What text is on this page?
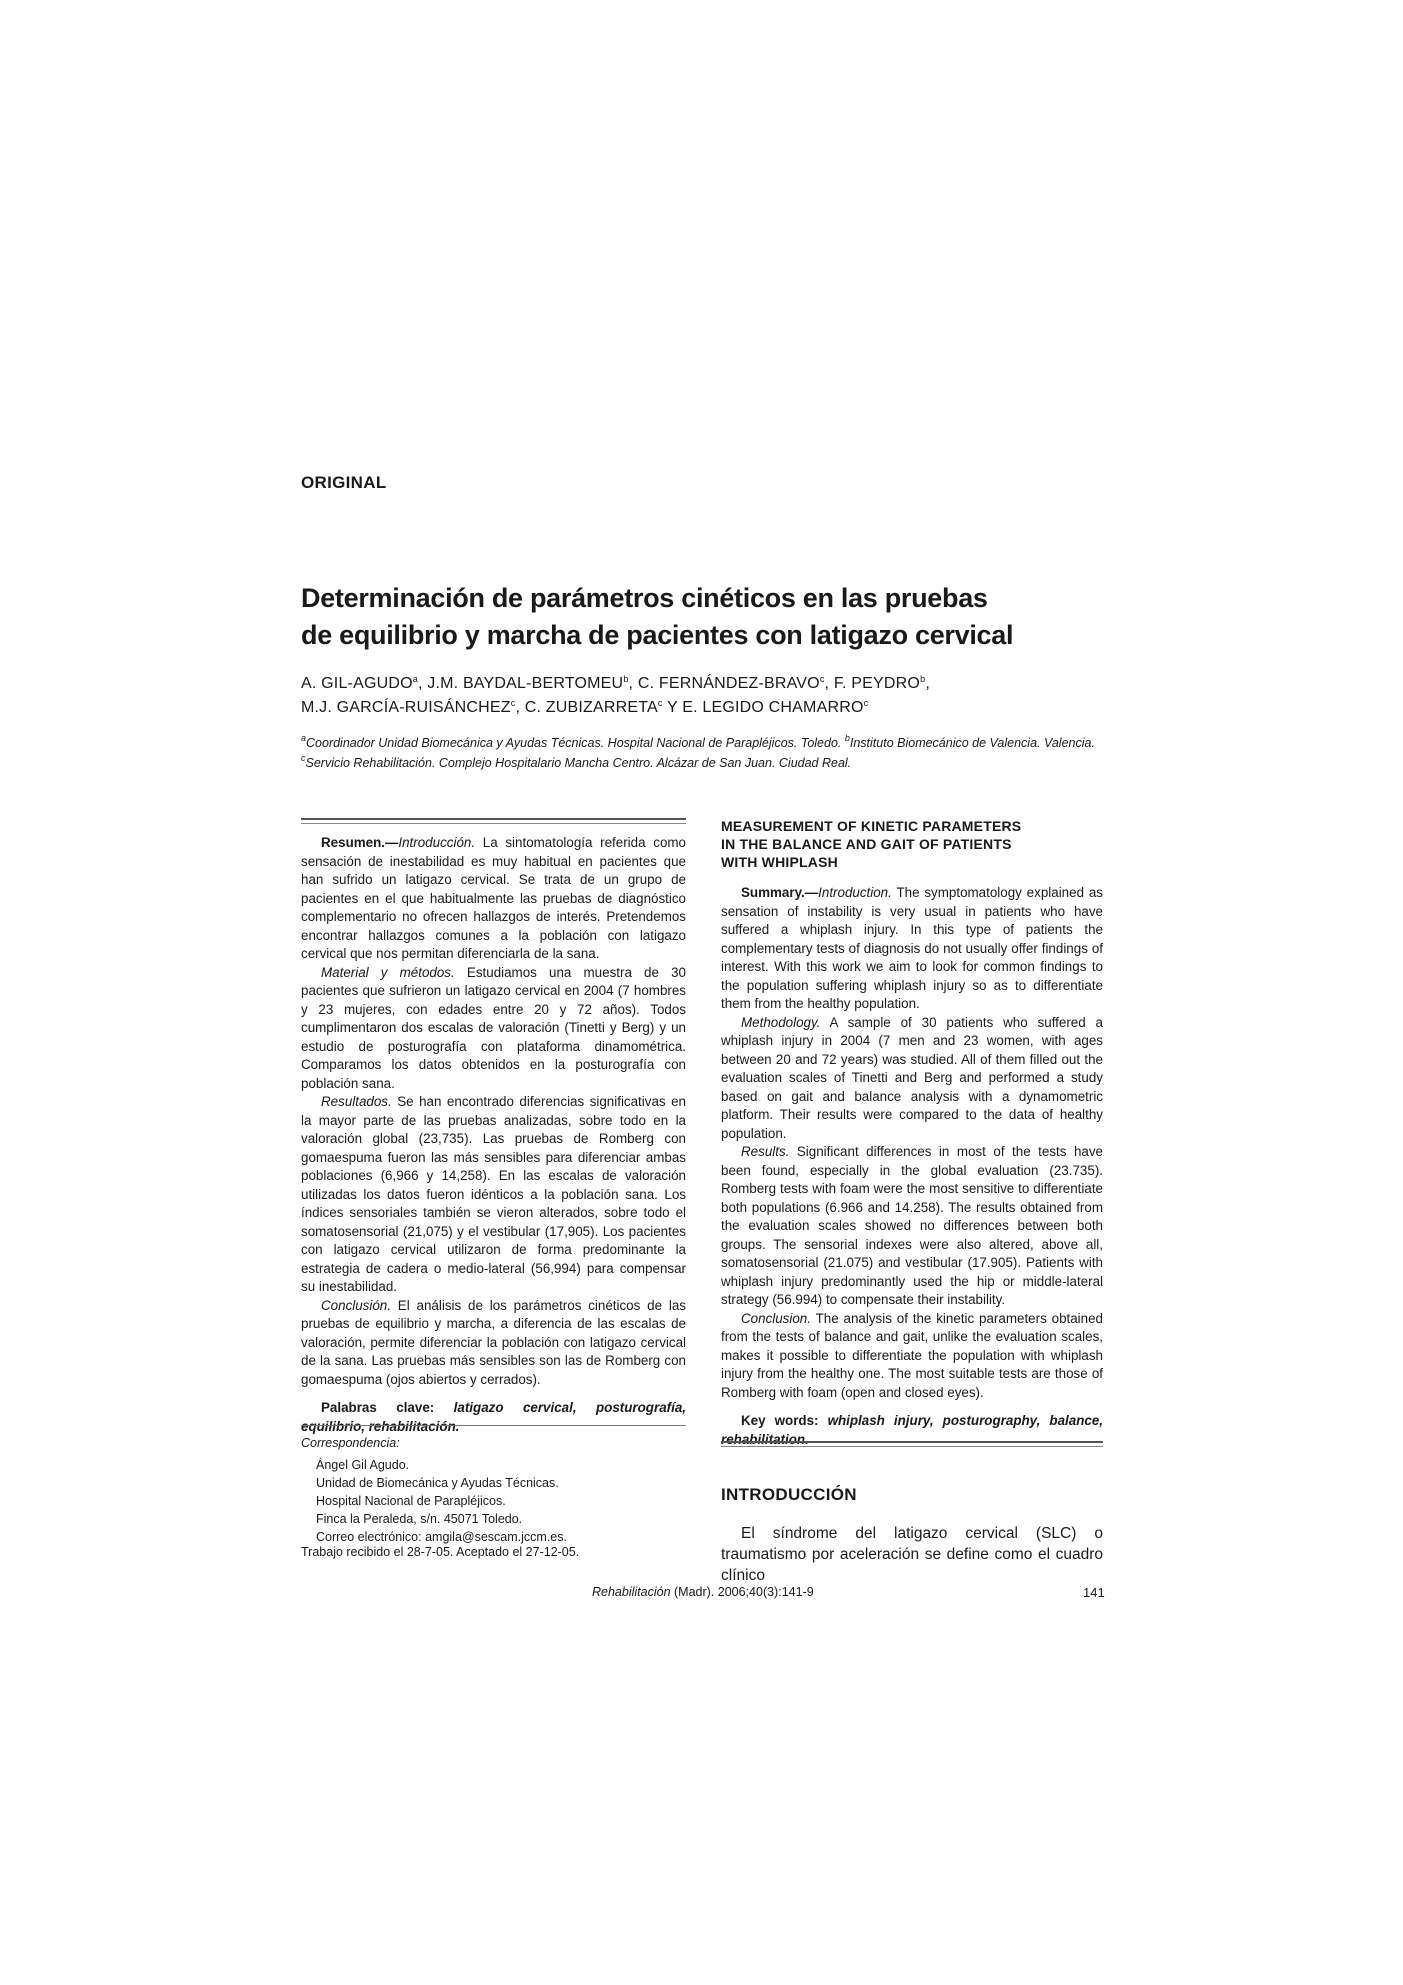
ORIGINAL
Determinación de parámetros cinéticos en las pruebas
de equilibrio y marcha de pacientes con latigazo cervical
A. GIL-AGUDO$^a$, J.M. BAYDAL-BERTOMEU$^b$, C. FERNÁNDEZ-BRAVO$^c$, F. PEYDRO$^b$,
M.J. GARCÍA-RUISÁNCHEZ$^c$, C. ZUBIZARRETA$^c$ Y E. LEGIDO CHAMARRO$^c$
$^a$Coordinador Unidad Biomecánica y Ayudas Técnicas. Hospital Nacional de Parapléjicos. Toledo. $^b$Instituto Biomecánico de Valencia. Valencia.
$^c$Servicio Rehabilitación. Complejo Hospitalario Mancha Centro. Alcázar de San Juan. Ciudad Real.

Resumen.—Introducción. La sintomatología referida como sensación de inestabilidad es muy habitual en pacientes que han sufrido un latigazo cervical. Se trata de un grupo de pacientes en el que habitualmente las pruebas de diagnóstico complementario no ofrecen hallazgos de interés. Pretendemos encontrar hallazgos comunes a la población con latigazo cervical que nos permitan diferenciarla de la sana.

Material y métodos. Estudiamos una muestra de 30 pacientes que sufrieron un latigazo cervical en 2004 (7 hombres y 23 mujeres, con edades entre 20 y 72 años). Todos cumplimentaron dos escalas de valoración (Tinetti y Berg) y un estudio de posturografía con plataforma dinamométrica. Comparamos los datos obtenidos en la posturografía con población sana.

Resultados. Se han encontrado diferencias significativas en la mayor parte de las pruebas analizadas, sobre todo en la valoración global (23,735). Las pruebas de Romberg con gomaespuma fueron las más sensibles para diferenciar ambas poblaciones (6,966 y 14,258). En las escalas de valoración utilizadas los datos fueron idénticos a la población sana. Los índices sensoriales también se vieron alterados, sobre todo el somatosensorial (21,075) y el vestibular (17,905). Los pacientes con latigazo cervical utilizaron de forma predominante la estrategia de cadera o medio-lateral (56,994) para compensar su inestabilidad.

Conclusión. El análisis de los parámetros cinéticos de las pruebas de equilibrio y marcha, a diferencia de las escalas de valoración, permite diferenciar la población con latigazo cervical de la sana. Las pruebas más sensibles son las de Romberg con gomaespuma (ojos abiertos y cerrados).

Palabras clave: latigazo cervical, posturografía, equilibrio, rehabilitación.

Correspondencia:
Ángel Gil Agudo.
Unidad de Biomecánica y Ayudas Técnicas.
Hospital Nacional de Parapléjicos.
Finca la Peraleda, s/n. 45071 Toledo.
Correo electrónico: amgila@sescam.jccm.es.
Trabajo recibido el 28-7-05. Aceptado el 27-12-05.
MEASUREMENT OF KINETIC PARAMETERS
IN THE BALANCE AND GAIT OF PATIENTS
WITH WHIPLASH

Summary.—Introduction. The symptomatology explained as sensation of instability is very usual in patients who have suffered a whiplash injury. In this type of patients the complementary tests of diagnosis do not usually offer findings of interest. With this work we aim to look for common findings to the population suffering whiplash injury so as to differentiate them from the healthy population.

Methodology. A sample of 30 patients who suffered a whiplash injury in 2004 (7 men and 23 women, with ages between 20 and 72 years) was studied. All of them filled out the evaluation scales of Tinetti and Berg and performed a study based on gait and balance analysis with a dynamometric platform. Their results were compared to the data of healthy population.

Results. Significant differences in most of the tests have been found, especially in the global evaluation (23.735). Romberg tests with foam were the most sensitive to differentiate both populations (6.966 and 14.258). The results obtained from the evaluation scales showed no differences between both groups. The sensorial indexes were also altered, above all, somatosensorial (21.075) and vestibular (17.905). Patients with whiplash injury predominantly used the hip or middle-lateral strategy (56.994) to compensate their instability.

Conclusion. The analysis of the kinetic parameters obtained from the tests of balance and gait, unlike the evaluation scales, makes it possible to differentiate the population with whiplash injury from the healthy one. The most suitable tests are those of Romberg with foam (open and closed eyes).

Key words: whiplash injury, posturography, balance, rehabilitation.

INTRODUCCIÓN

El síndrome del latigazo cervical (SLC) o traumatismo por aceleración se define como el cuadro clínico

Rehabilitación (Madr). 2006;40(3):141-9	141
